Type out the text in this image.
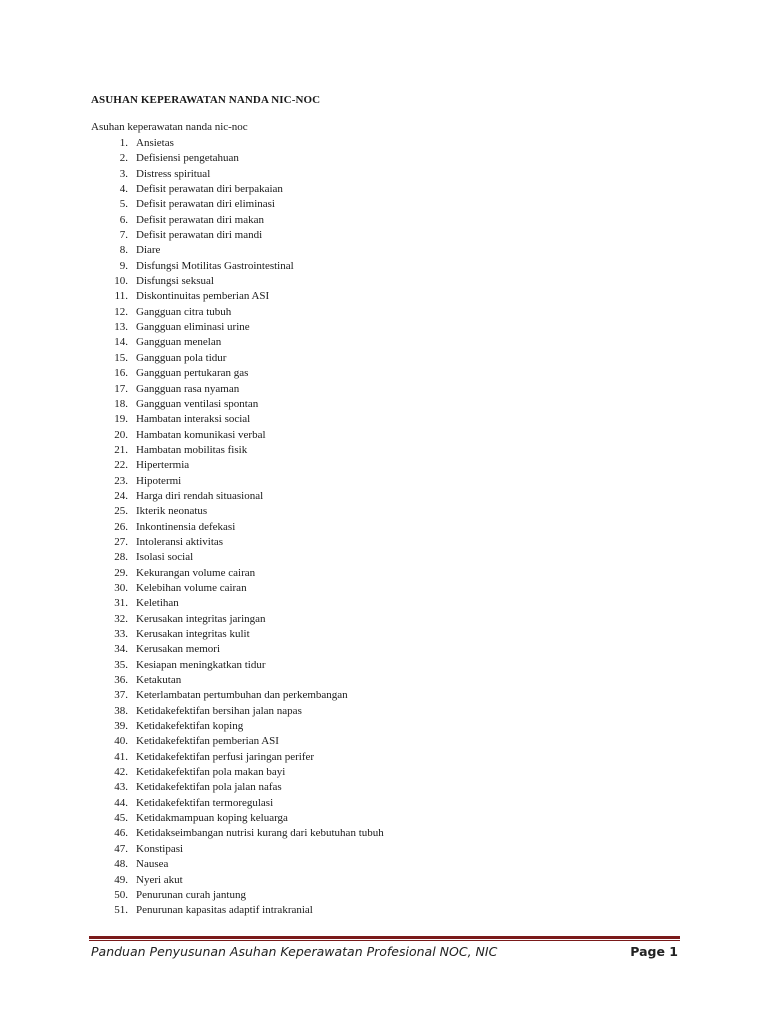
ASUHAN KEPERAWATAN NANDA NIC-NOC
Asuhan keperawatan nanda nic-noc
1. Ansietas
2. Defisiensi pengetahuan
3. Distress spiritual
4. Defisit perawatan diri berpakaian
5. Defisit perawatan diri eliminasi
6. Defisit perawatan diri makan
7. Defisit perawatan diri mandi
8. Diare
9. Disfungsi Motilitas Gastrointestinal
10. Disfungsi seksual
11. Diskontinuitas pemberian ASI
12. Gangguan citra tubuh
13. Gangguan eliminasi urine
14. Gangguan menelan
15. Gangguan pola tidur
16. Gangguan pertukaran gas
17. Gangguan rasa nyaman
18. Gangguan ventilasi spontan
19. Hambatan interaksi social
20. Hambatan komunikasi verbal
21. Hambatan mobilitas fisik
22. Hipertermia
23. Hipotermi
24. Harga diri rendah situasional
25. Ikterik neonatus
26. Inkontinensia defekasi
27. Intoleransi aktivitas
28. Isolasi social
29. Kekurangan volume cairan
30. Kelebihan volume cairan
31. Keletihan
32. Kerusakan integritas jaringan
33. Kerusakan integritas kulit
34. Kerusakan memori
35. Kesiapan meningkatkan tidur
36. Ketakutan
37. Keterlambatan pertumbuhan dan perkembangan
38. Ketidakefektifan bersihan jalan napas
39. Ketidakefektifan koping
40. Ketidakefektifan pemberian ASI
41. Ketidakefektifan perfusi jaringan perifer
42. Ketidakefektifan pola makan bayi
43. Ketidakefektifan pola jalan nafas
44. Ketidakefektifan termoregulasi
45. Ketidakmampuan koping keluarga
46. Ketidakseimbangan nutrisi kurang dari kebutuhan tubuh
47. Konstipasi
48. Nausea
49. Nyeri akut
50. Penurunan curah jantung
51. Penurunan kapasitas adaptif intrakranial
Panduan Penyusunan Asuhan Keperawatan Profesional NOC, NIC	Page 1
